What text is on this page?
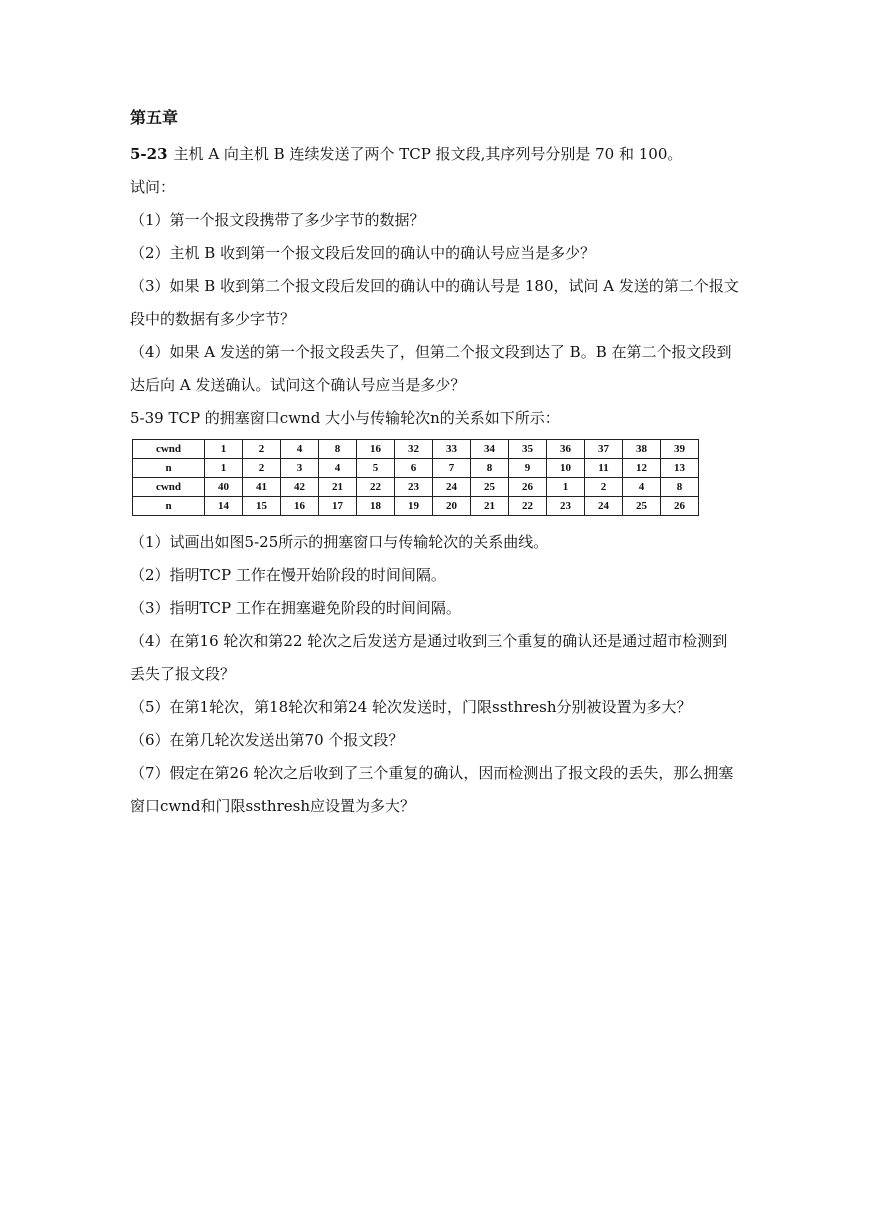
第五章

5-23 主机 A 向主机 B 连续发送了两个 TCP 报文段,其序列号分别是 70 和 100。

试问：

（1）第一个报文段携带了多少字节的数据？

（2）主机 B 收到第一个报文段后发回的确认中的确认号应当是多少？

（3）如果 B 收到第二个报文段后发回的确认中的确认号是 180，试问 A 发送的第二个报文段中的数据有多少字节？

（4）如果 A 发送的第一个报文段丢失了，但第二个报文段到达了 B。B 在第二个报文段到达后向 A 发送确认。试问这个确认号应当是多少？

5-39 TCP 的拥塞窗口cwnd 大小与传输轮次n的关系如下所示：

cwnd	1	2	4	8	16	32	33	34	35	36	37	38	39
n	1	2	3	4	5	6	7	8	9	10	11	12	13
cwnd	40	41	42	21	22	23	24	25	26	1	2	4	8
n	14	15	16	17	18	19	20	21	22	23	24	25	26

（1）试画出如图5-25所示的拥塞窗口与传输轮次的关系曲线。

（2）指明TCP 工作在慢开始阶段的时间间隔。

（3）指明TCP 工作在拥塞避免阶段的时间间隔。

（4）在第16 轮次和第22 轮次之后发送方是通过收到三个重复的确认还是通过超市检测到丢失了报文段？

（5）在第1轮次，第18轮次和第24 轮次发送时，门限ssthresh分别被设置为多大？

（6）在第几轮次发送出第70 个报文段？

（7）假定在第26 轮次之后收到了三个重复的确认，因而检测出了报文段的丢失，那么拥塞窗口cwnd和门限ssthresh应设置为多大？
